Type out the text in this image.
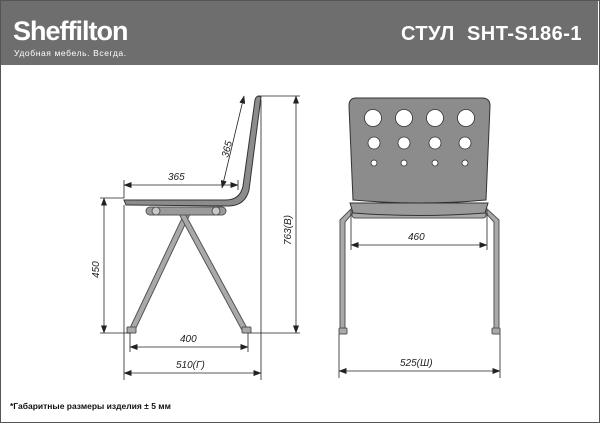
Sheffilton
Удобная мебель. Всегда.
СТУЛ  SHT-S186-1
365
365
450
763(В)
400
510(Г)
460
525(Ш)
*Габаритные размеры изделия ± 5 мм
